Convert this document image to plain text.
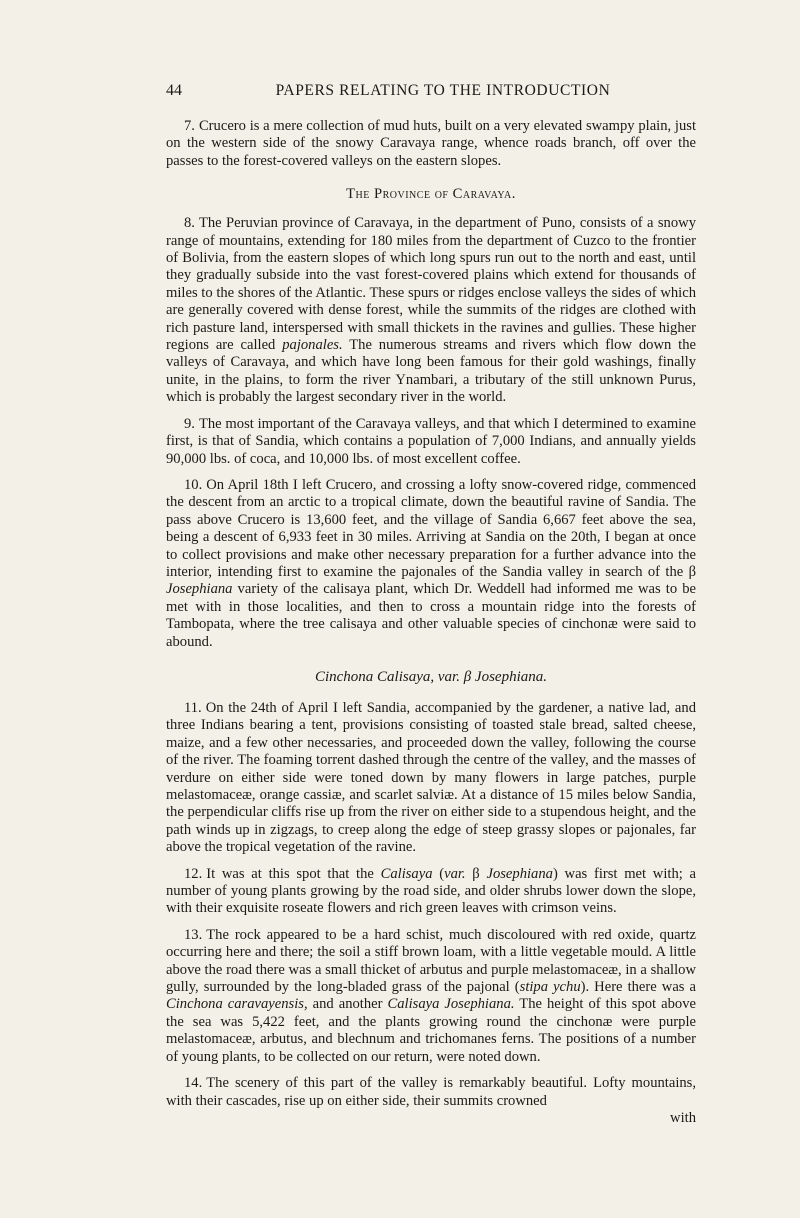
44	PAPERS RELATING TO THE INTRODUCTION

7. Crucero is a mere collection of mud huts, built on a very elevated swampy plain, just on the western side of the snowy Caravaya range, whence roads branch, off over the passes to the forest-covered valleys on the eastern slopes.

The Province of Caravaya.

8. The Peruvian province of Caravaya, in the department of Puno, consists of a snowy range of mountains, extending for 180 miles from the department of Cuzco to the frontier of Bolivia, from the eastern slopes of which long spurs run out to the north and east, until they gradually subside into the vast forest-covered plains which extend for thousands of miles to the shores of the Atlantic. These spurs or ridges enclose valleys the sides of which are generally covered with dense forest, while the summits of the ridges are clothed with rich pasture land, interspersed with small thickets in the ravines and gullies. These higher regions are called pajonales. The numerous streams and rivers which flow down the valleys of Caravaya, and which have long been famous for their gold washings, finally unite, in the plains, to form the river Ynambari, a tributary of the still unknown Purus, which is probably the largest secondary river in the world.

9. The most important of the Caravaya valleys, and that which I determined to examine first, is that of Sandia, which contains a population of 7,000 Indians, and annually yields 90,000 lbs. of coca, and 10,000 lbs. of most excellent coffee.

10. On April 18th I left Crucero, and crossing a lofty snow-covered ridge, commenced the descent from an arctic to a tropical climate, down the beautiful ravine of Sandia. The pass above Crucero is 13,600 feet, and the village of Sandia 6,667 feet above the sea, being a descent of 6,933 feet in 30 miles. Arriving at Sandia on the 20th, I began at once to collect provisions and make other necessary preparation for a further advance into the interior, intending first to examine the pajonales of the Sandia valley in search of the β Josephiana variety of the calisaya plant, which Dr. Weddell had informed me was to be met with in those localities, and then to cross a mountain ridge into the forests of Tambopata, where the tree calisaya and other valuable species of cinchonæ were said to abound.

Cinchona Calisaya, var. β Josephiana.

11. On the 24th of April I left Sandia, accompanied by the gardener, a native lad, and three Indians bearing a tent, provisions consisting of toasted stale bread, salted cheese, maize, and a few other necessaries, and proceeded down the valley, following the course of the river. The foaming torrent dashed through the centre of the valley, and the masses of verdure on either side were toned down by many flowers in large patches, purple melastomaceæ, orange cassiæ, and scarlet salviæ. At a distance of 15 miles below Sandia, the perpendicular cliffs rise up from the river on either side to a stupendous height, and the path winds up in zigzags, to creep along the edge of steep grassy slopes or pajonales, far above the tropical vegetation of the ravine.

12. It was at this spot that the Calisaya (var. β Josephiana) was first met with; a number of young plants growing by the road side, and older shrubs lower down the slope, with their exquisite roseate flowers and rich green leaves with crimson veins.

13. The rock appeared to be a hard schist, much discoloured with red oxide, quartz occurring here and there; the soil a stiff brown loam, with a little vegetable mould. A little above the road there was a small thicket of arbutus and purple melastomaceæ, in a shallow gully, surrounded by the long-bladed grass of the pajonal (stipa ychu). Here there was a Cinchona caravayensis, and another Calisaya Josephiana. The height of this spot above the sea was 5,422 feet, and the plants growing round the cinchonæ were purple melastomaceæ, arbutus, and blechnum and trichomanes ferns. The positions of a number of young plants, to be collected on our return, were noted down.

14. The scenery of this part of the valley is remarkably beautiful. Lofty mountains, with their cascades, rise up on either side, their summits crowned

with
